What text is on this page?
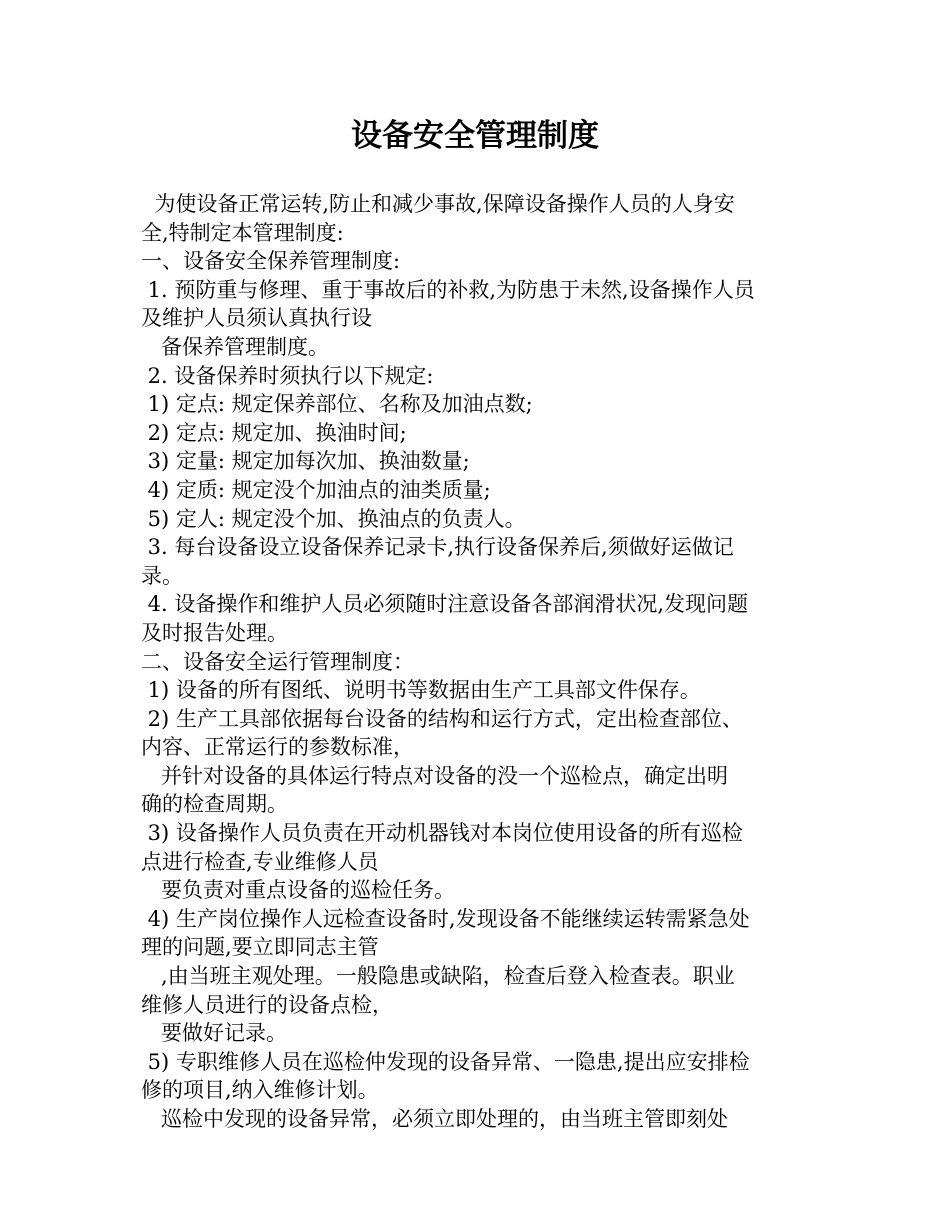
设备安全管理制度

为使设备正常运转,防止和减少事故,保障设备操作人员的人身安

全,特制定本管理制度:

一、设备安全保养管理制度:

1. 预防重与修理、重于事故后的补救,为防患于未然,设备操作人员

及维护人员须认真执行设

备保养管理制度。

2. 设备保养时须执行以下规定:

1) 定点: 规定保养部位、名称及加油点数;

2) 定点: 规定加、换油时间;

3) 定量: 规定加每次加、换油数量;

4) 定质: 规定没个加油点的油类质量;

5) 定人: 规定没个加、换油点的负责人。

3. 每台设备设立设备保养记录卡,执行设备保养后,须做好运做记

录。

4. 设备操作和维护人员必须随时注意设备各部润滑状况,发现问题

及时报告处理。

二、设备安全运行管理制度：

1) 设备的所有图纸、说明书等数据由生产工具部文件保存。

2) 生产工具部依据每台设备的结构和运行方式，定出检查部位、

内容、正常运行的参数标准，

并针对设备的具体运行特点对设备的没一个巡检点，确定出明

确的检查周期。

3) 设备操作人员负责在开动机器钱对本岗位使用设备的所有巡检

点进行检查,专业维修人员

要负责对重点设备的巡检任务。

4) 生产岗位操作人远检查设备时,发现设备不能继续运转需紧急处

理的问题,要立即同志主管

,由当班主观处理。一般隐患或缺陷，检查后登入检查表。职业

维修人员进行的设备点检，

要做好记录。

5) 专职维修人员在巡检仲发现的设备异常、一隐患,提出应安排检

修的项目,纳入维修计划。

巡检中发现的设备异常，必须立即处理的，由当班主管即刻处
